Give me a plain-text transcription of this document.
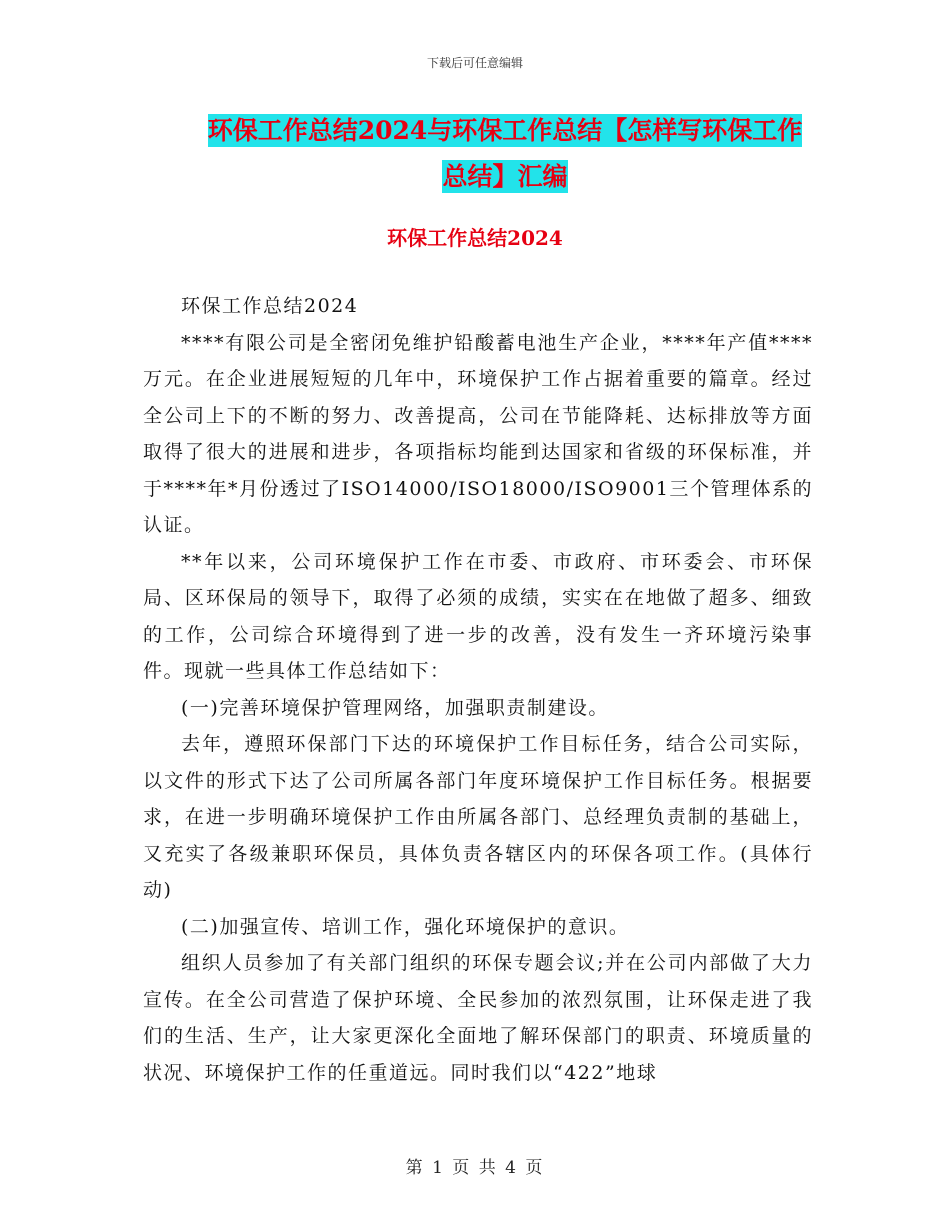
下载后可任意编辑
环保工作总结2024与环保工作总结【怎样写环保工作
总结】汇编
环保工作总结2024

环保工作总结2024

****有限公司是全密闭免维护铅酸蓄电池生产企业，****年产值****万元。在企业进展短短的几年中，环境保护工作占据着重要的篇章。经过全公司上下的不断的努力、改善提高，公司在节能降耗、达标排放等方面取得了很大的进展和进步，各项指标均能到达国家和省级的环保标准，并于****年*月份透过了ISO14000/ISO18000/ISO9001三个管理体系的认证。

**年以来，公司环境保护工作在市委、市政府、市环委会、市环保局、区环保局的领导下，取得了必须的成绩，实实在在地做了超多、细致的工作，公司综合环境得到了进一步的改善，没有发生一齐环境污染事件。现就一些具体工作总结如下：

(一)完善环境保护管理网络，加强职责制建设。

去年，遵照环保部门下达的环境保护工作目标任务，结合公司实际，以文件的形式下达了公司所属各部门年度环境保护工作目标任务。根据要求，在进一步明确环境保护工作由所属各部门、总经理负责制的基础上，又充实了各级兼职环保员，具体负责各辖区内的环保各项工作。(具体行动)

(二)加强宣传、培训工作，强化环境保护的意识。

组织人员参加了有关部门组织的环保专题会议;并在公司内部做了大力宣传。在全公司营造了保护环境、全民参加的浓烈氛围，让环保走进了我们的生活、生产，让大家更深化全面地了解环保部门的职责、环境质量的状况、环境保护工作的任重道远。同时我们以“422”地球

第 1 页 共 4 页
